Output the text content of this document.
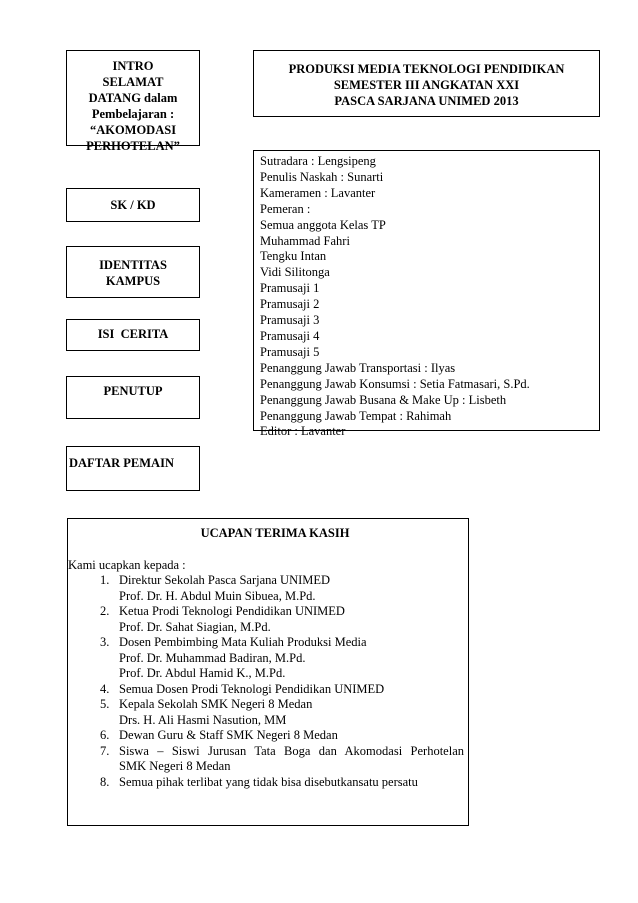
INTRO
SELAMAT
DATANG dalam
Pembelajaran :
“AKOMODASI
PERHOTELAN”
SK / KD
IDENTITAS
KAMPUS
ISI  CERITA
PENUTUP
DAFTAR PEMAIN
PRODUKSI MEDIA TEKNOLOGI PENDIDIKAN
SEMESTER III ANGKATAN XXI
PASCA SARJANA UNIMED 2013
Sutradara : Lengsipeng
Penulis Naskah : Sunarti
Kameramen : Lavanter
Pemeran :
Semua anggota Kelas TP
Muhammad Fahri
Tengku Intan
Vidi Silitonga
Pramusaji 1
Pramusaji 2
Pramusaji 3
Pramusaji 4
Pramusaji 5
Penanggung Jawab Transportasi : Ilyas
Penanggung Jawab Konsumsi : Setia Fatmasari, S.Pd.
Penanggung Jawab Busana & Make Up : Lisbeth
Penanggung Jawab Tempat : Rahimah
Editor : Lavanter
UCAPAN TERIMA KASIH
Kami ucapkan kepada :
1. Direktur Sekolah Pasca Sarjana UNIMED
Prof. Dr. H. Abdul Muin Sibuea, M.Pd.
2. Ketua Prodi Teknologi Pendidikan UNIMED
Prof. Dr. Sahat Siagian, M.Pd.
3. Dosen Pembimbing Mata Kuliah Produksi Media
Prof. Dr. Muhammad Badiran, M.Pd.
Prof. Dr. Abdul Hamid K., M.Pd.
4. Semua Dosen Prodi Teknologi Pendidikan UNIMED
5. Kepala Sekolah SMK Negeri 8 Medan
Drs. H. Ali Hasmi Nasution, MM
6. Dewan Guru & Staff SMK Negeri 8 Medan
7. Siswa – Siswi Jurusan Tata Boga dan Akomodasi Perhotelan
SMK Negeri 8 Medan
8. Semua pihak terlibat yang tidak bisa disebutkansatu persatu
